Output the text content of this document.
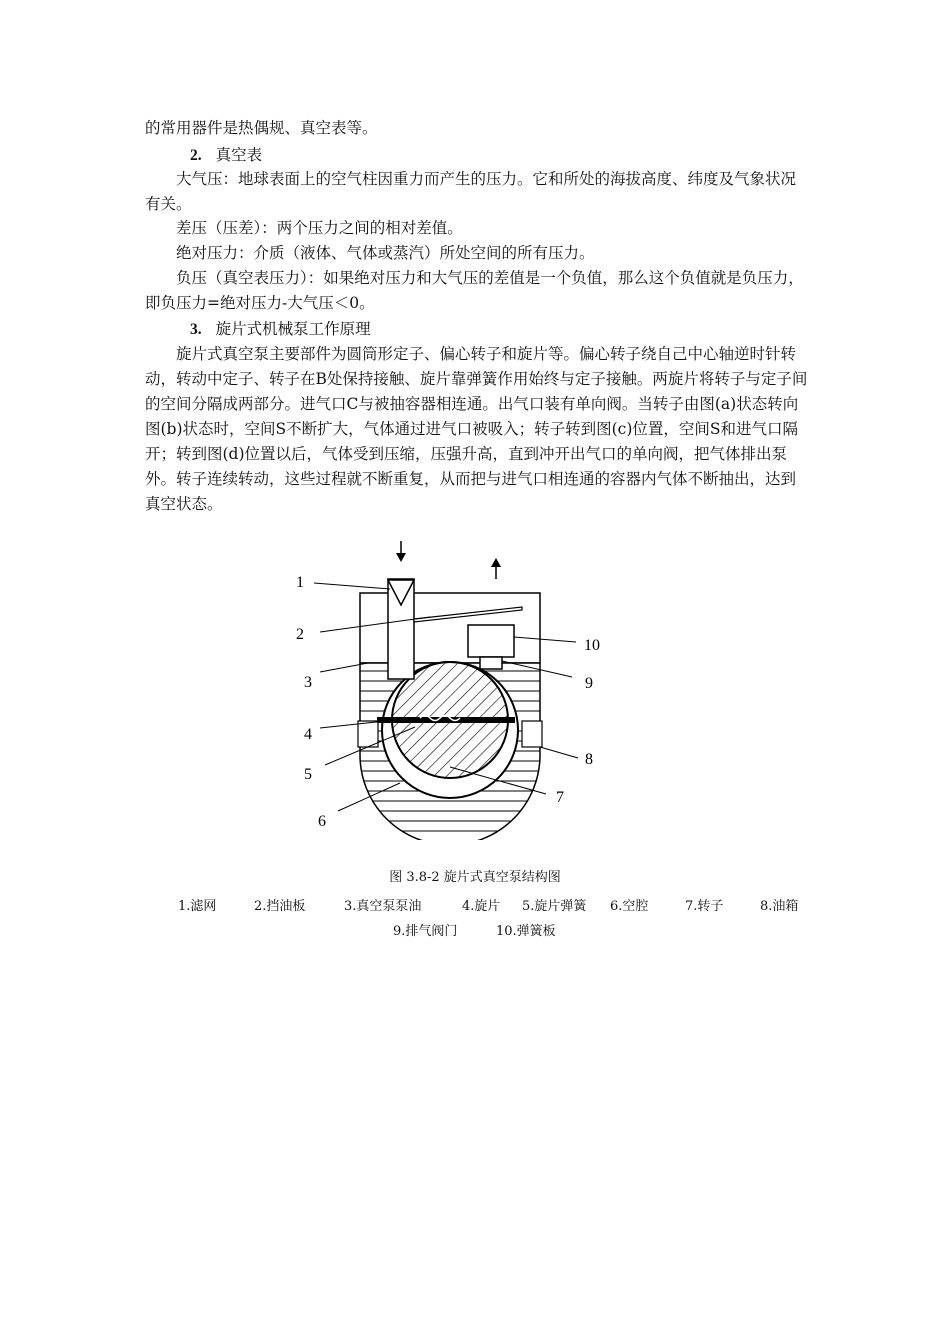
的常用器件是热偶规、真空表等。

2. 真空表

大气压：地球表面上的空气柱因重力而产生的压力。它和所处的海拔高度、纬度及气象状况有关。

差压（压差）：两个压力之间的相对差值。

绝对压力：介质（液体、气体或蒸汽）所处空间的所有压力。

负压（真空表压力）：如果绝对压力和大气压的差值是一个负值，那么这个负值就是负压力，即负压力=绝对压力-大气压＜0。

3. 旋片式机械泵工作原理

旋片式真空泵主要部件为圆筒形定子、偏心转子和旋片等。偏心转子绕自己中心轴逆时针转动，转动中定子、转子在B处保持接触、旋片靠弹簧作用始终与定子接触。两旋片将转子与定子间的空间分隔成两部分。进气口C与被抽容器相连通。出气口装有单向阀。当转子由图(a)状态转向图(b)状态时，空间S不断扩大，气体通过进气口被吸入；转子转到图(c)位置，空间S和进气口隔开；转到图(d)位置以后，气体受到压缩，压强升高，直到冲开出气口的单向阀，把气体排出泵外。转子连续转动，这些过程就不断重复，从而把与进气口相连通的容器内气体不断抽出，达到真空状态。

1
2
3
4
5
6
7
8
9
10
图 3.8-2 旋片式真空泵结构图
1.滤网	2.挡油板	3.真空泵泵油	4.旋片 5.旋片弹簧 6.空腔	7.转子	8.油箱
9.排气阀门	10.弹簧板
